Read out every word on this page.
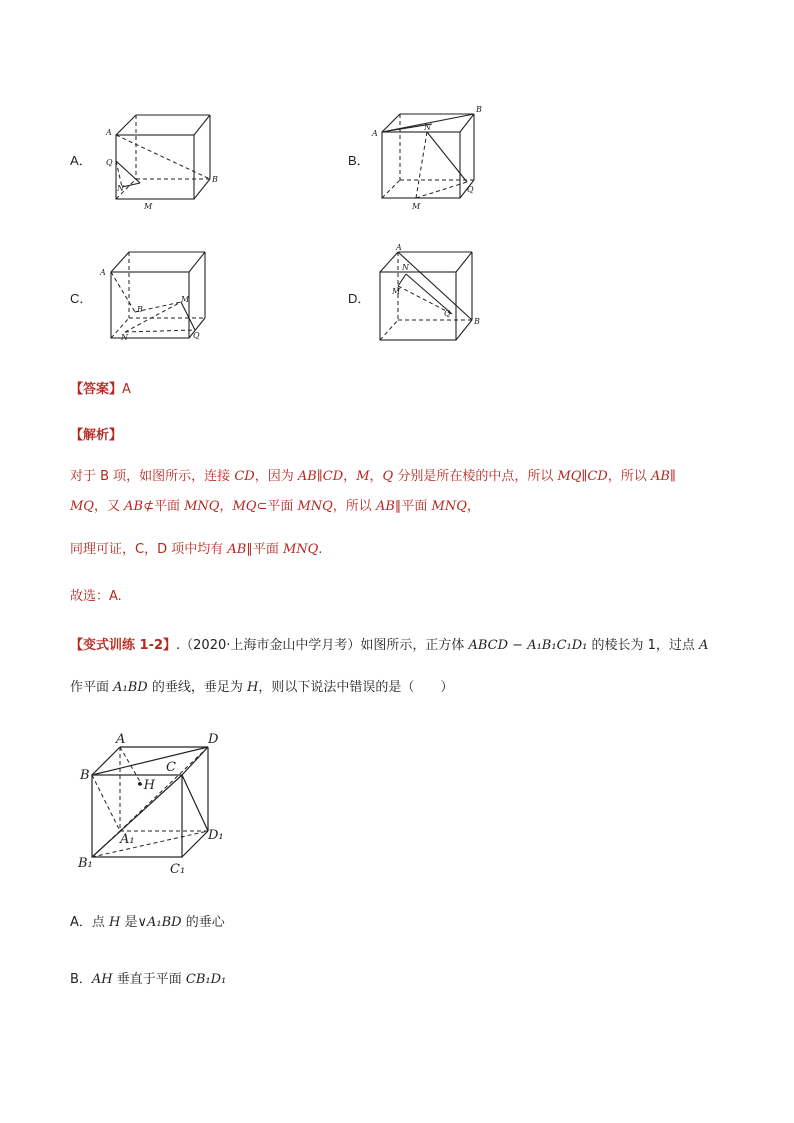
A．
A
Q
N
M
B
B．
A
B
N
Q
M
C．
A
B
M
N	Q
D．
A
N
M
Q
B
【答案】A
【解析】
对于 B 项，如图所示，连接 CD，因为 AB∥CD，M，Q 分别是所在棱的中点，所以 MQ∥CD，所以 AB∥
MQ，又 AB⊄平面 MNQ，MQ⊂平面 MNQ，所以 AB∥平面 MNQ，
同理可证，C，D 项中均有 AB∥平面 MNQ.
故选：A.
【变式训练 1-2】.（2020·上海市金山中学月考）如图所示，正方体 ABCD − A₁B₁C₁D₁ 的棱长为 1，过点 A
作平面 A₁BD 的垂线，垂足为 H，则以下说法中错误的是（　　）
A	D
B
C
•H
D₁
A₁
B₁	C₁
A．点 H 是∨A₁BD 的垂心
B．AH 垂直于平面 CB₁D₁
